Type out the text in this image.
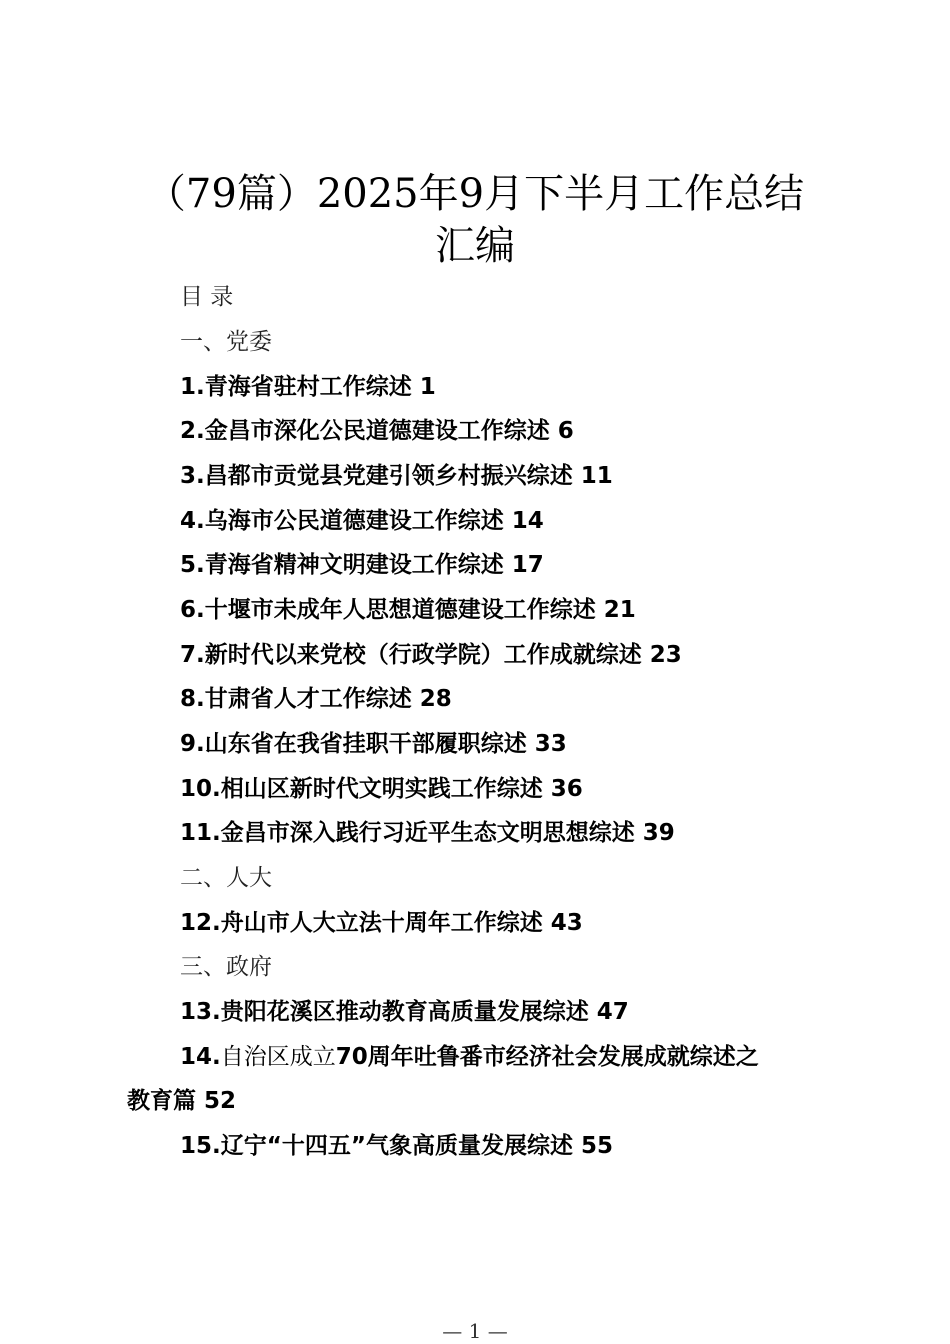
（79篇）2025年9月下半月工作总结
汇编
目 录
一、党委
1.青海省驻村工作综述 1
2.金昌市深化公民道德建设工作综述 6
3.昌都市贡觉县党建引领乡村振兴综述 11
4.乌海市公民道德建设工作综述 14
5.青海省精神文明建设工作综述 17
6.十堰市未成年人思想道德建设工作综述 21
7.新时代以来党校（行政学院）工作成就综述 23
8.甘肃省人才工作综述 28
9.山东省在我省挂职干部履职综述 33
10.相山区新时代文明实践工作综述 36
11.金昌市深入践行习近平生态文明思想综述 39
二、人大
12.舟山市人大立法十周年工作综述 43
三、政府
13.贵阳花溪区推动教育高质量发展综述 47
14.自治区成立70周年吐鲁番市经济社会发展成就综述之
教育篇 52
15.辽宁“十四五”气象高质量发展综述 55
— 1 —
